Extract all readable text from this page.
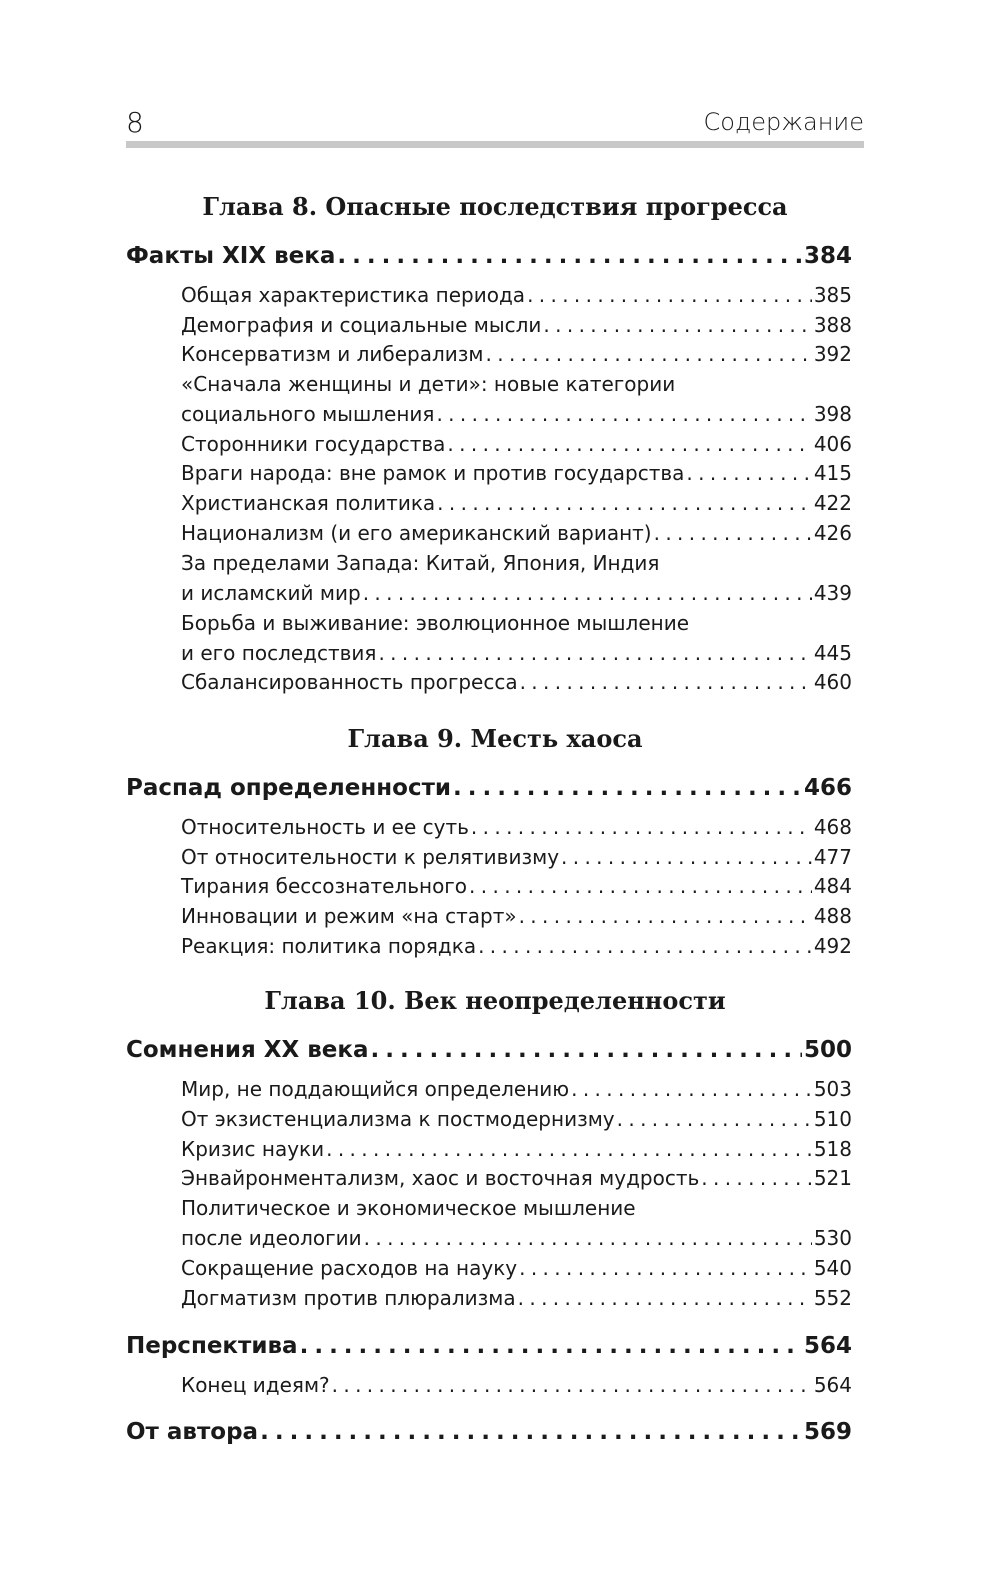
8	Содержание
Глава 8. Опасные последствия прогресса
Факты XIX века . . .	384
Общая характеристика периода . . .	385
Демография и социальные мысли . . .	388
Консерватизм и либерализм . . .	392
«Сначала женщины и дети»: новые категории
социального мышления . . .	398
Сторонники государства . . .	406
Враги народа: вне рамок и против государства . . .	415
Христианская политика . . .	422
Национализм (и его американский вариант) . . .	426
За пределами Запада: Китай, Япония, Индия
и исламский мир . . .	439
Борьба и выживание: эволюционное мышление
и его последствия . . .	445
Сбалансированность прогресса . . .	460
Глава 9. Месть хаоса
Распад определенности . . .	466
Относительность и ее суть . . .	468
От относительности к релятивизму . . .	477
Тирания бессознательного . . .	484
Инновации и режим «на старт» . . .	488
Реакция: политика порядка . . .	492
Глава 10. Век неопределенности
Сомнения XX века . . .	500
Мир, не поддающийся определению . . .	503
От экзистенциализма к постмодернизму . . .	510
Кризис науки . . .	518
Энвайронментализм, хаос и восточная мудрость . . .	521
Политическое и экономическое мышление
после идеологии . . .	530
Сокращение расходов на науку . . .	540
Догматизм против плюрализма . . .	552
Перспектива . . .	564
Конец идеям? . . .	564
От автора . . .	569
